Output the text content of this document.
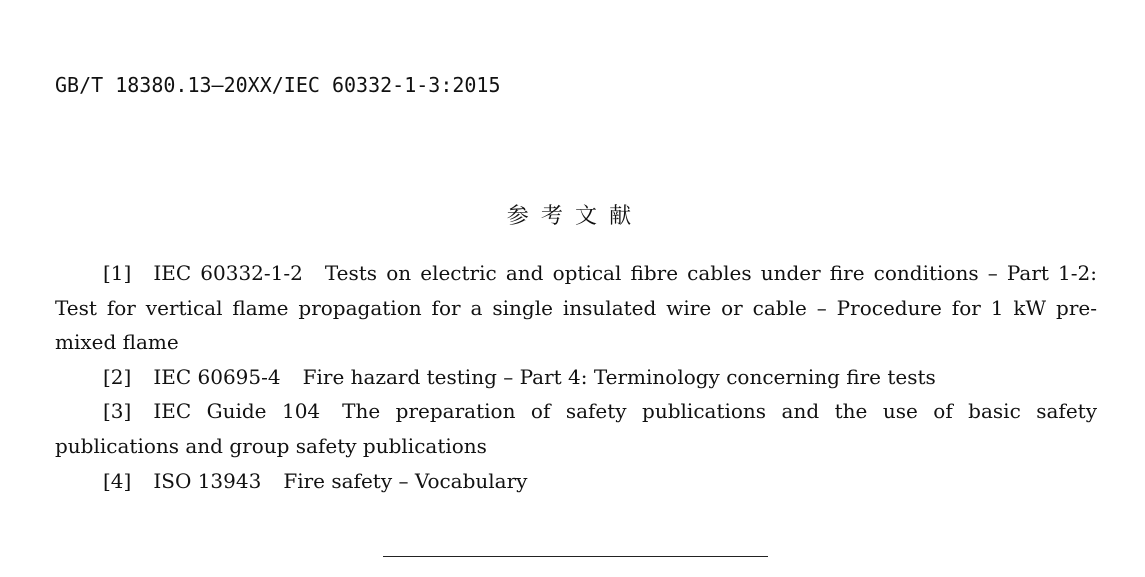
GB/T 18380.13—20XX/IEC 60332-1-3:2015
参考文献

[1] IEC 60332-1-2 Tests on electric and optical fibre cables under fire conditions – Part 1-2: Test for vertical flame propagation for a single insulated wire or cable – Procedure for 1 kW pre-mixed flame

[2] IEC 60695-4 Fire hazard testing – Part 4: Terminology concerning fire tests

[3] IEC Guide 104 The preparation of safety publications and the use of basic safety publications and group safety publications

[4] ISO 13943 Fire safety – Vocabulary
